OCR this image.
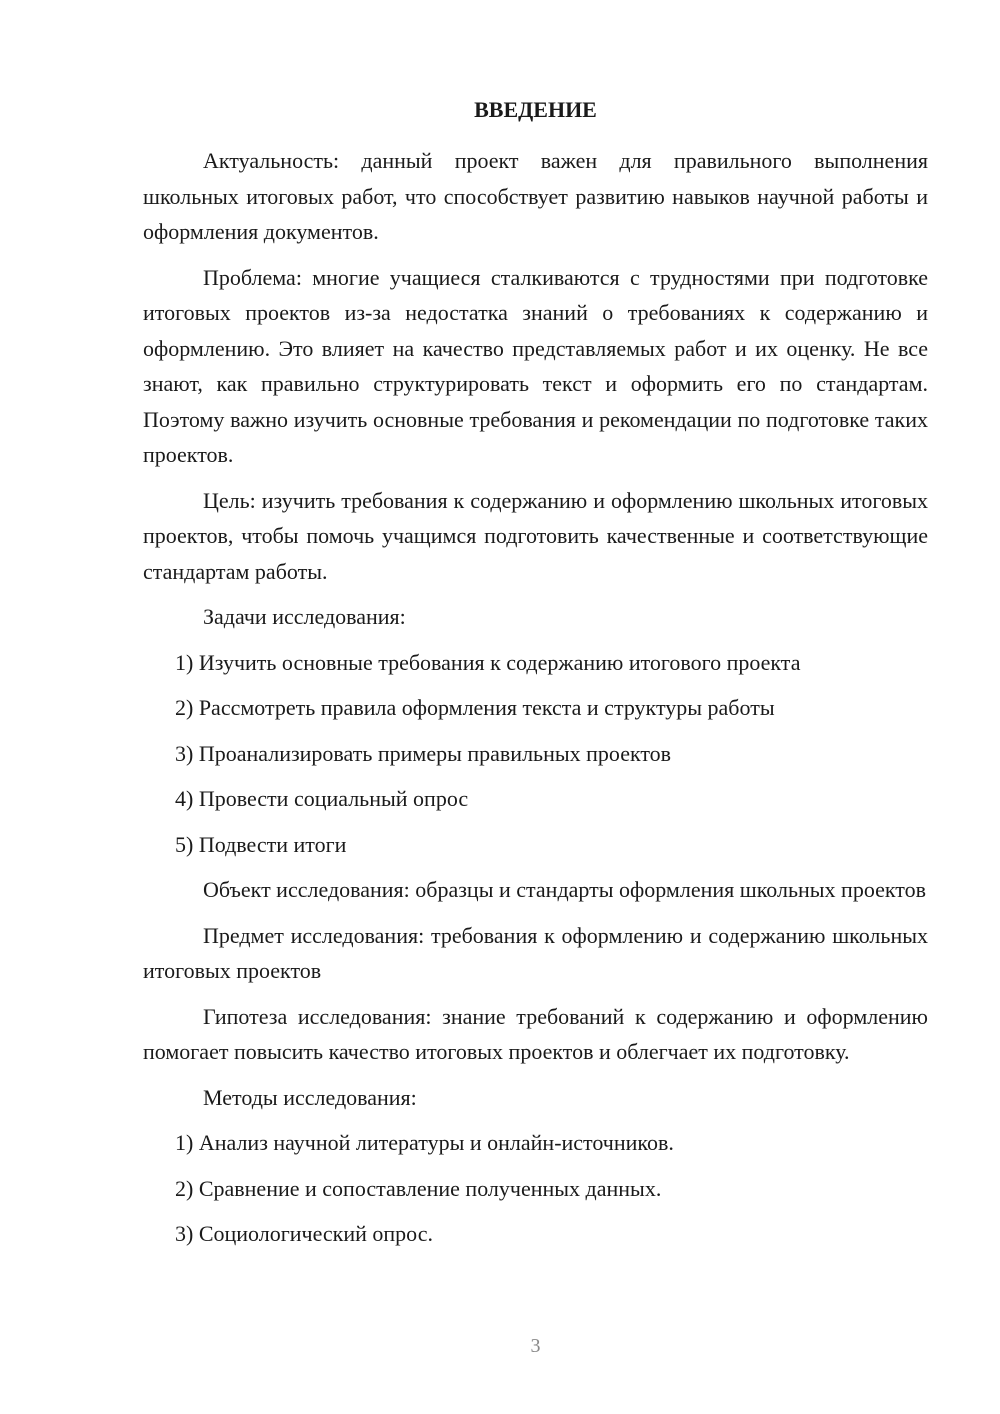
ВВЕДЕНИЕ

Актуальность: данный проект важен для правильного выполнения школьных итоговых работ, что способствует развитию навыков научной работы и оформления документов.

Проблема: многие учащиеся сталкиваются с трудностями при подготовке итоговых проектов из-за недостатка знаний о требованиях к содержанию и оформлению. Это влияет на качество представляемых работ и их оценку. Не все знают, как правильно структурировать текст и оформить его по стандартам. Поэтому важно изучить основные требования и рекомендации по подготовке таких проектов.

Цель: изучить требования к содержанию и оформлению школьных итоговых проектов, чтобы помочь учащимся подготовить качественные и соответствующие стандартам работы.

Задачи исследования:

1) Изучить основные требования к содержанию итогового проекта

2) Рассмотреть правила оформления текста и структуры работы

3) Проанализировать примеры правильных проектов

4) Провести социальный опрос

5) Подвести итоги

Объект исследования: образцы и стандарты оформления школьных проектов

Предмет исследования: требования к оформлению и содержанию школьных итоговых проектов

Гипотеза исследования: знание требований к содержанию и оформлению помогает повысить качество итоговых проектов и облегчает их подготовку.

Методы исследования:

1) Анализ научной литературы и онлайн-источников.

2) Сравнение и сопоставление полученных данных.

3) Социологический опрос.

3
